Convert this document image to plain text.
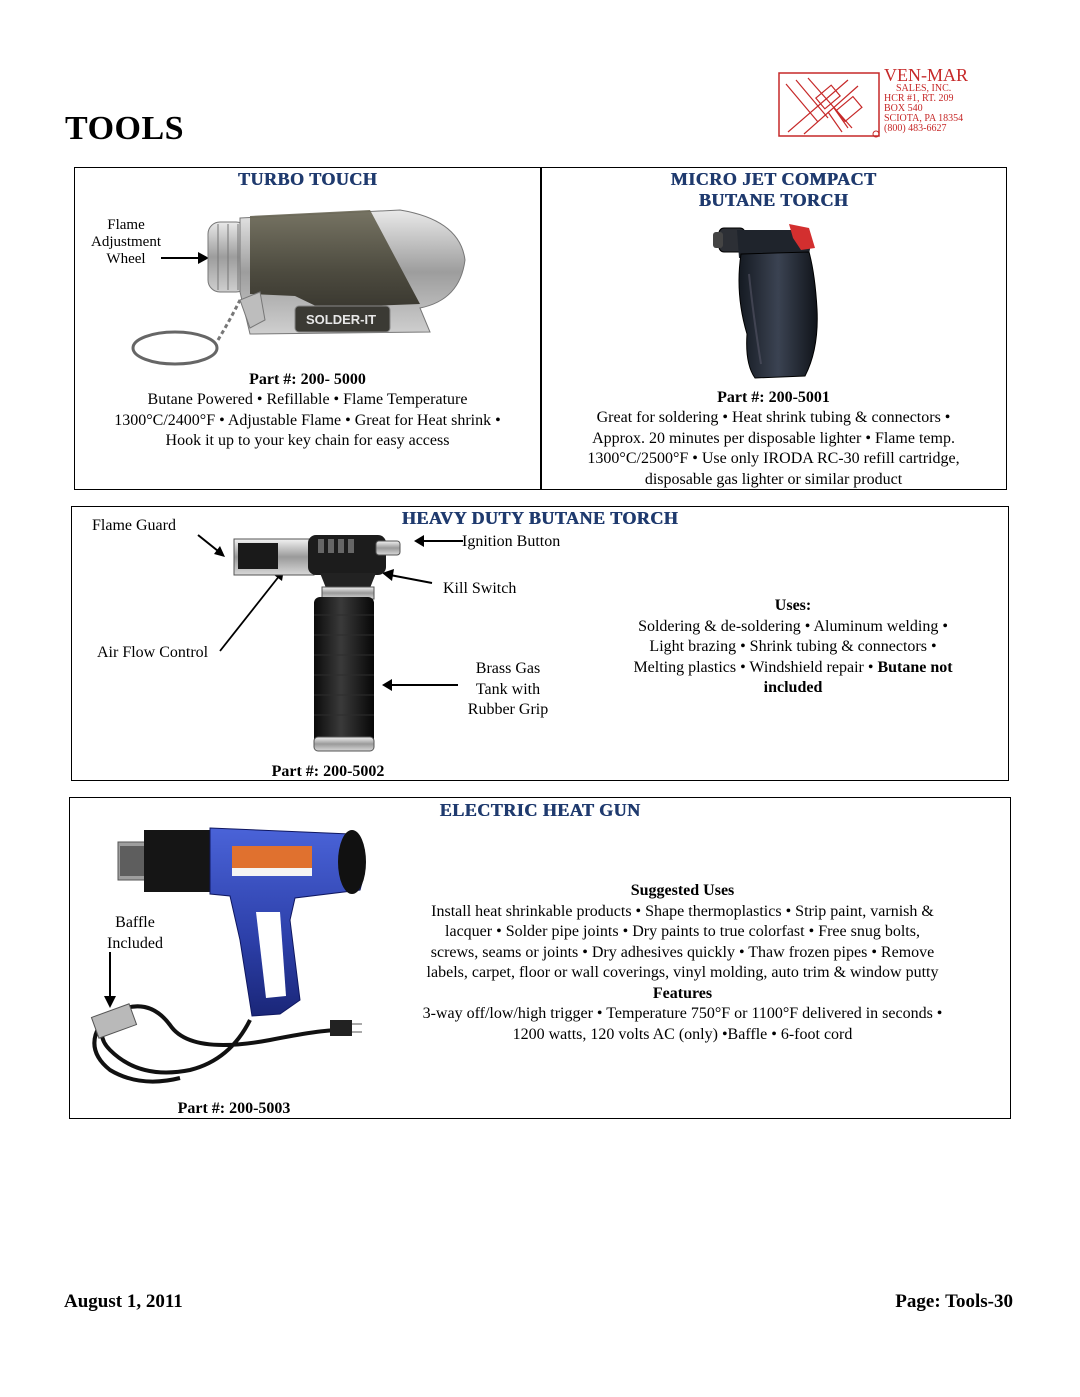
TOOLS
VEN-MAR
SALES, INC.
HCR #1, RT. 209
BOX 540
SCIOTA, PA 18354
(800) 483-6627
TURBO TOUCH
Flame
Adjustment
Wheel
SOLDER-IT
Part #: 200- 5000
Butane Powered • Refillable • Flame Temperature
1300°C/2400°F • Adjustable Flame • Great for Heat shrink •
Hook it up to your key chain for easy access
MICRO JET COMPACT
BUTANE TORCH
Part #: 200-5001
Great for soldering • Heat shrink tubing & connectors •
Approx. 20 minutes per disposable lighter • Flame temp.
1300°C/2500°F • Use only IRODA RC-30 refill cartridge,
disposable gas lighter or similar product
HEAVY DUTY BUTANE TORCH
Flame Guard
Ignition Button
Kill Switch
Air Flow Control
Brass Gas
Tank with
Rubber Grip
Uses:
Soldering & de-soldering • Aluminum welding •
Light brazing • Shrink tubing & connectors •
Melting plastics • Windshield repair • Butane not
included
Part #: 200-5002
ELECTRIC HEAT GUN
Baffle
Included
Suggested Uses
Install heat shrinkable products • Shape thermoplastics • Strip paint, varnish &
lacquer • Solder pipe joints • Dry paints to true colorfast • Free snug bolts,
screws, seams or joints • Dry adhesives quickly • Thaw frozen pipes • Remove
labels, carpet, floor or wall coverings, vinyl molding, auto trim & window putty
Features
3-way off/low/high trigger • Temperature 750°F or 1100°F delivered in seconds •
1200 watts, 120 volts AC (only) •Baffle • 6-foot cord
Part #: 200-5003
August 1, 2011	Page: Tools-30
